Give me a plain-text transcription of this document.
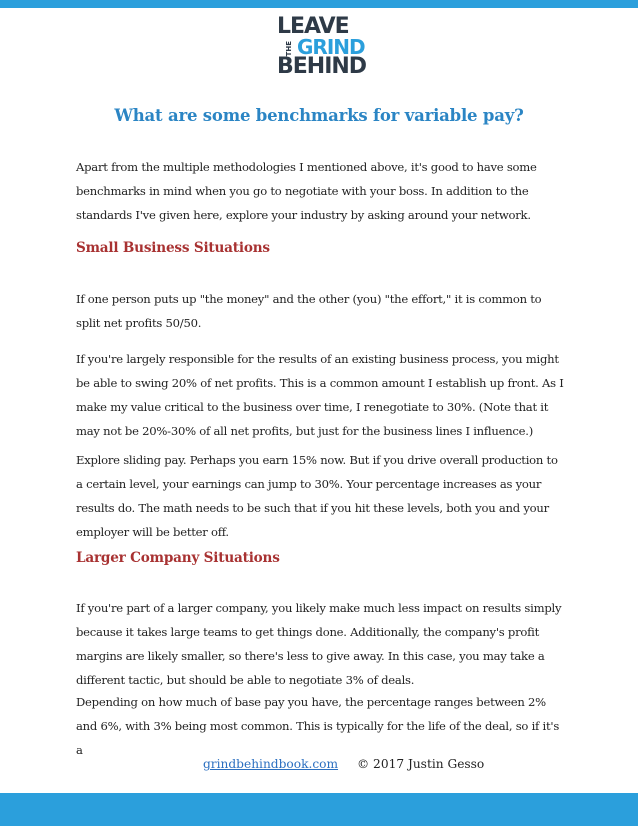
LEAVE
THE GRIND
BEHIND
What are some benchmarks for variable pay?

Apart from the multiple methodologies I mentioned above, it's good to have some benchmarks in mind when you go to negotiate with your boss. In addition to the standards I've given here, explore your industry by asking around your network.

Small Business Situations

If one person puts up "the money" and the other (you) "the effort," it is common to split net profits 50/50.

If you're largely responsible for the results of an existing business process, you might be able to swing 20% of net profits. This is a common amount I establish up front. As I make my value critical to the business over time, I renegotiate to 30%. (Note that it may not be 20%-30% of all net profits, but just for the business lines I influence.)

Explore sliding pay. Perhaps you earn 15% now. But if you drive overall production to a certain level, your earnings can jump to 30%. Your percentage increases as your results do. The math needs to be such that if you hit these levels, both you and your employer will be better off.

Larger Company Situations

If you're part of a larger company, you likely make much less impact on results simply because it takes large teams to get things done. Additionally, the company's profit margins are likely smaller, so there's less to give away. In this case, you may take a different tactic, but should be able to negotiate 3% of deals.

Depending on how much of base pay you have, the percentage ranges between 2% and 6%, with 3% being most common. This is typically for the life of the deal, so if it's a

grindbehindbook.com © 2017 Justin Gesso
